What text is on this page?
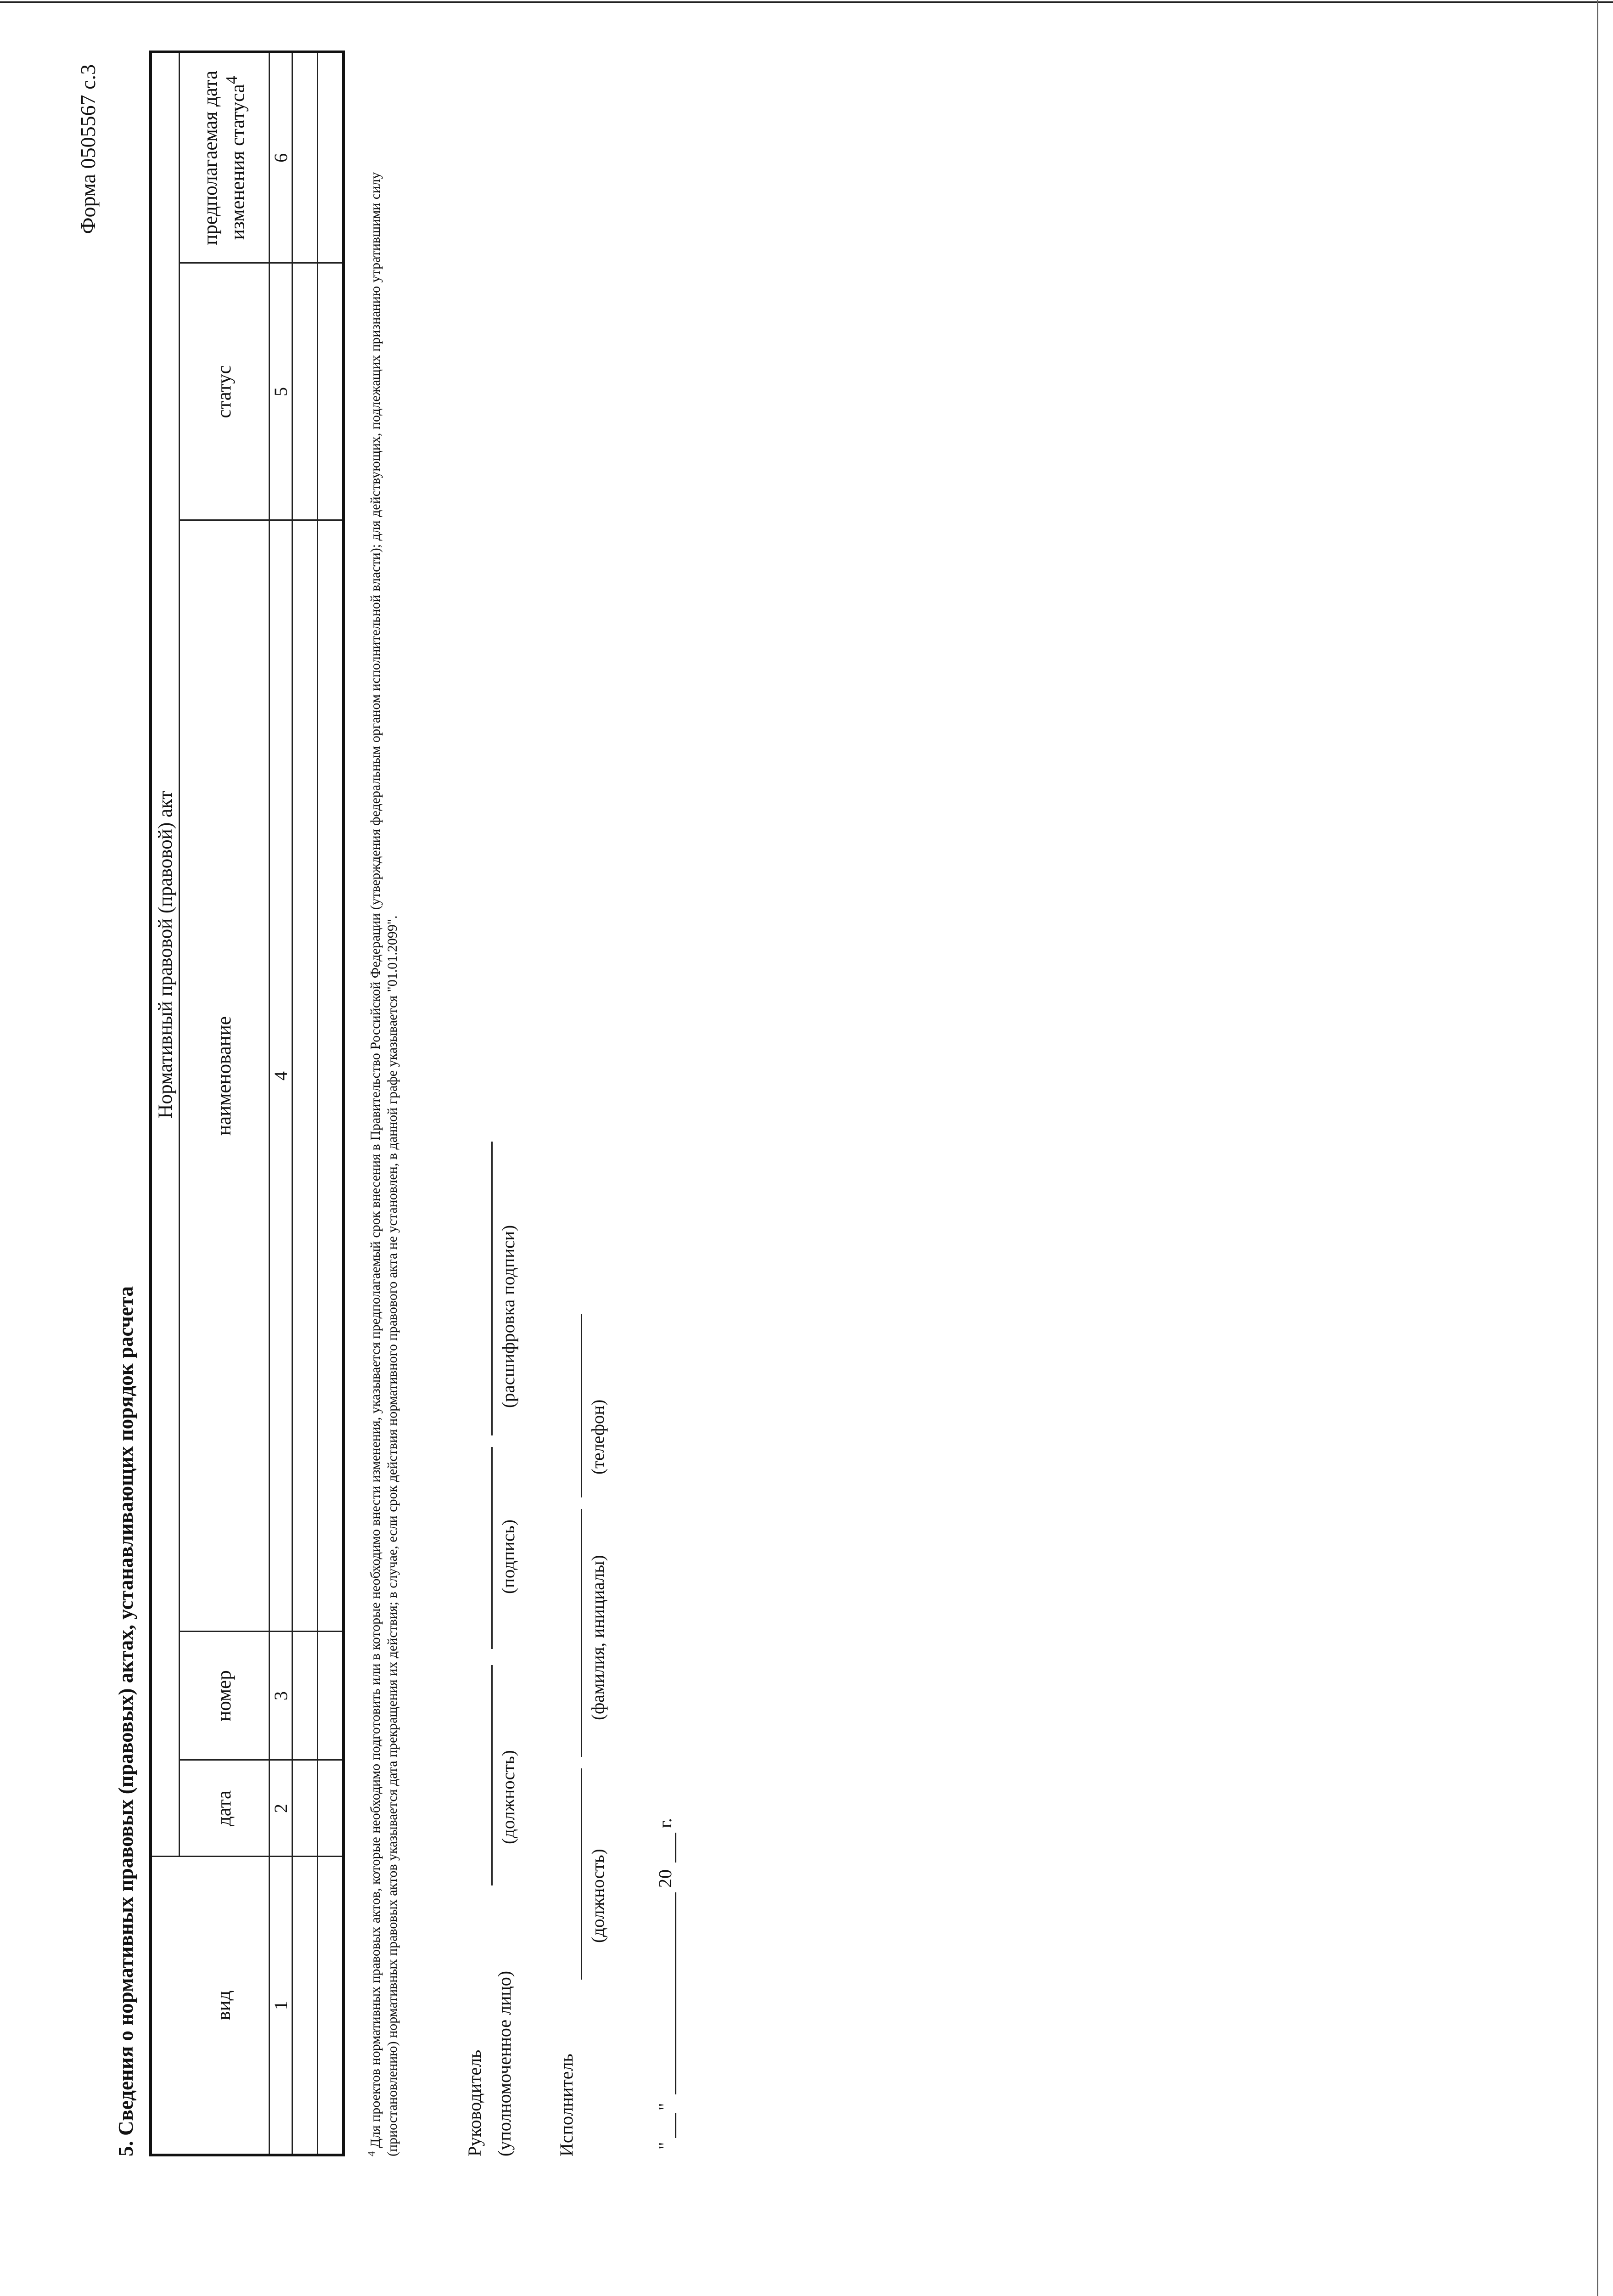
Форма 0505567 с.3
5. Сведения о нормативных правовых (правовых) актах, устанавливающих порядок расчета
	Нормативный правовой (правовой) акт				
вид	дата	номер	наименование	статус	предполагаемая дата изменения статуса$^4$
1	2	3	4	5	6

$^4$ Для проектов нормативных правовых актов, которые необходимо подготовить или в которые необходимо внести изменения, указывается предполагаемый срок внесения в Правительство Российской Федерации (утверждения федеральным органом исполнительной власти); для действующих, подлежащих признанию утратившими силу (приостановлению) нормативных правовых актов указывается дата прекращения их действия; в случае, если срок действия нормативного правового акта не установлен, в данной графе указывается "01.01.2099".	Руководитель (уполномоченное лицо)
(должность)
(подпись)
(расшифровка подписи)
Исполнитель
(должность)
(фамилия, инициалы)
(телефон)
"
"
20
г.
